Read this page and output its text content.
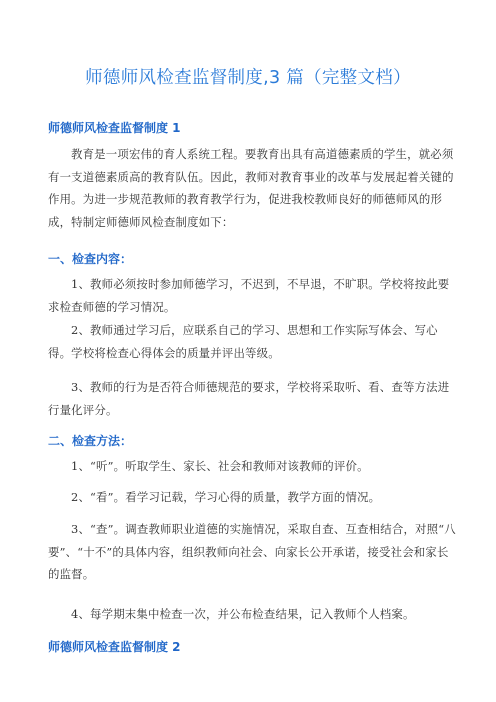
师德师风检查监督制度,3 篇（完整文档）
师德师风检查监督制度 1
教育是一项宏伟的育人系统工程。要教育出具有高道德素质的学生，就必须有一支道德素质高的教育队伍。因此，教师对教育事业的改革与发展起着关键的作用。为进一步规范教师的教育教学行为，促进我校教师良好的师德师风的形成，特制定师德师风检查制度如下：
一、检查内容：
1、教师必须按时参加师德学习，不迟到，不早退，不旷职。学校将按此要求检查师德的学习情况。
2、教师通过学习后，应联系自己的学习、思想和工作实际写体会、写心得。学校将检查心得体会的质量并评出等级。
3、教师的行为是否符合师德规范的要求，学校将采取听、看、查等方法进行量化评分。
二、检查方法：
1、“听”。听取学生、家长、社会和教师对该教师的评价。
2、“看”。看学习记载，学习心得的质量，教学方面的情况。
3、“查”。调查教师职业道德的实施情况，采取自查、互查相结合，对照“八要”、“十不”的具体内容，组织教师向社会、向家长公开承诺，接受社会和家长的监督。
4、每学期末集中检查一次，并公布检查结果，记入教师个人档案。
师德师风检查监督制度 2
